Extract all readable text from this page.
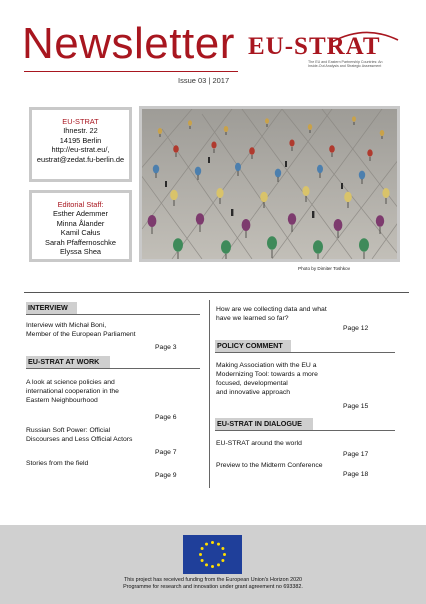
Newsletter EU-STRAT
The EU and Eastern Partnership Countries: An Inside-Out Analysis and Strategic Assessment
Issue 03 | 2017
EU-STRAT
Ihnestr. 22
14195 Berlin
http://eu-strat.eu/,
eustrat@zedat.fu-berlin.de
Editorial Staff:
Esther Ademmer
Minna Ålander
Kamil Całus
Sarah Pfaffernoschke
Elyssa Shea
Photo by Dimiter Toshkov
INTERVIEW
Interview with Michał Boni,
Member of the European Parliament
Page 3
EU-STRAT AT WORK
A look at science policies and
international cooperation in the
Eastern Neighbourhood
Page 6
Russian Soft Power: Official
Discourses and Less Official Actors
Page 7
Stories from the field
Page 9
How are we collecting data and what
have we learned so far?
Page 12
POLICY COMMENT
Making Association with the EU a
Modernizing Tool: towards a more
focused, developmental
and innovative approach
Page 15
EU-STRAT IN DIALOGUE
EU-STRAT around the world
Page 17
Preview to the Midterm Conference
Page 18
This project has received funding from the European Union's Horizon 2020
Programme for research and innovation under grant agreement no 693382.
